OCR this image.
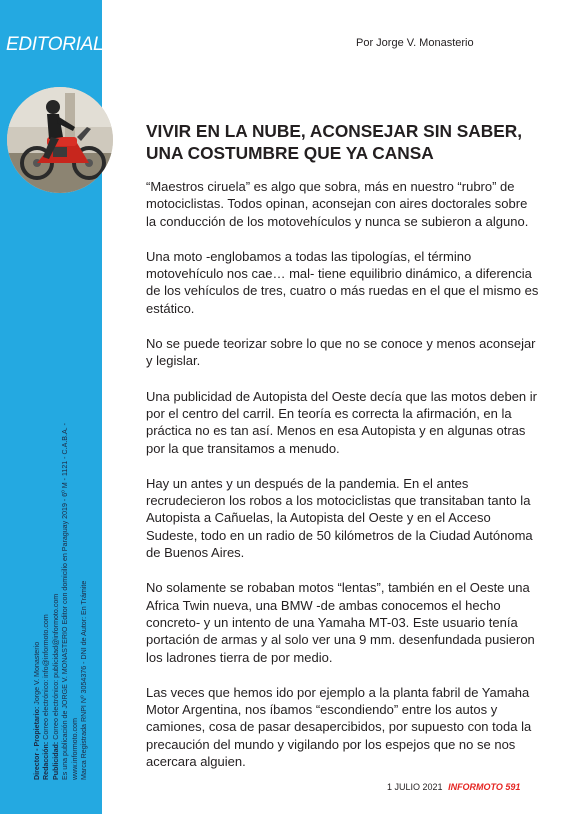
EDITORIAL
Director - Propietario: Jorge V. Monasterio
Redacción: Correo electrónico: info@informoto.com
Publicidad: Correo electrónico: publicidad@informoto.com Es una publicación de JORGE V. MONASTERIO Editor con domicilio en Paraguay 2019 - 6º M - 1121 - C.A.B.A. - www.informoto.com Marca Registrada RNPI Nº 3054376 - DNI de Autor: En Trámite
Por Jorge V. Monasterio
VIVIR EN LA NUBE, ACONSEJAR SIN SABER,
UNA COSTUMBRE QUE YA CANSA

“Maestros ciruela” es algo que sobra, más en nuestro “rubro” de motociclistas. Todos opinan, aconsejan con aires doctorales sobre la conducción de los motovehículos y nunca se subieron a alguno.

Una moto -englobamos a todas las tipologías, el término motovehículo nos cae… mal- tiene equilibrio dinámico, a diferencia de los vehículos de tres, cuatro o más ruedas en el que el mismo es estático.

No se puede teorizar sobre lo que no se conoce y menos aconsejar y legislar.

Una publicidad de Autopista del Oeste decía que las motos deben ir por el centro del carril. En teoría es correcta la afirmación, en la práctica no es tan así. Menos en esa Autopista y en algunas otras por la que transitamos a menudo.

Hay un antes y un después de la pandemia. En el antes recrudecieron los robos a los motociclistas que transitaban tanto la Autopista a Cañuelas, la Autopista del Oeste y en el Acceso Sudeste, todo en un radio de 50 kilómetros de la Ciudad Autónoma de Buenos Aires.

No solamente se robaban motos “lentas”, también en el Oeste una Africa Twin nueva, una BMW -de ambas conocemos el hecho concreto- y un intento de una Yamaha MT-03. Este usuario tenía portación de armas y al solo ver una 9 mm. desenfundada pusieron los ladrones tierra de por medio.

Las veces que hemos ido por ejemplo a la planta fabril de Yamaha Motor Argentina, nos íbamos “escondiendo” entre los autos y camiones, cosa de pasar desapercibidos, por supuesto con toda la precaución del mundo y vigilando por los espejos que no se nos acercara alguien.

1 JULIO 2021 INFORMOTO 591
